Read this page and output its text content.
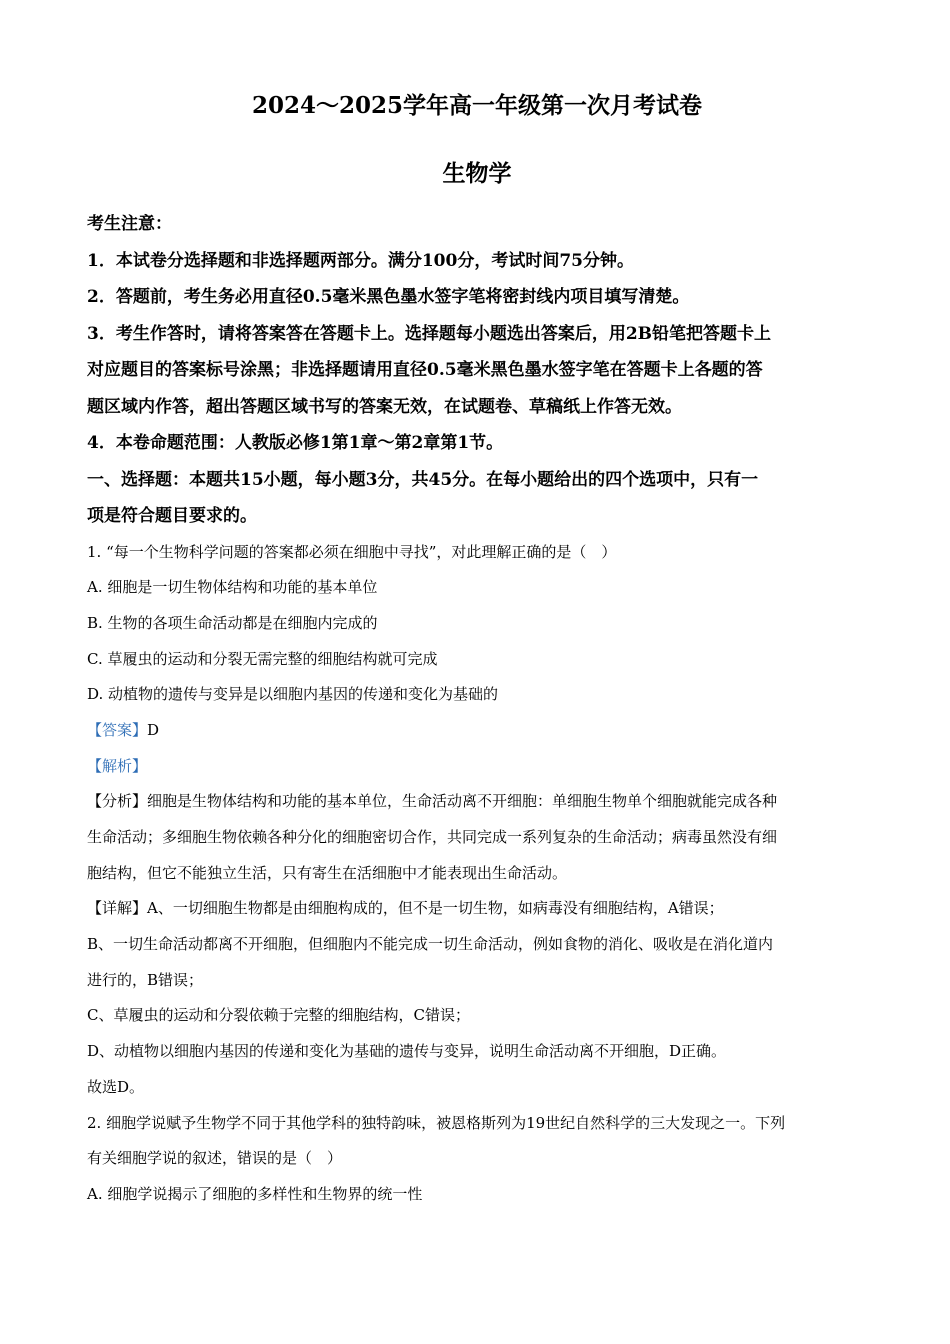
2024～2025学年高一年级第一次月考试卷
生物学
考生注意：
1．本试卷分选择题和非选择题两部分。满分100分，考试时间75分钟。
2．答题前，考生务必用直径0.5毫米黑色墨水签字笔将密封线内项目填写清楚。
3．考生作答时，请将答案答在答题卡上。选择题每小题选出答案后，用2B铅笔把答题卡上
对应题目的答案标号涂黑；非选择题请用直径0.5毫米黑色墨水签字笔在答题卡上各题的答
题区域内作答，超出答题区域书写的答案无效，在试题卷、草稿纸上作答无效。
4．本卷命题范围：人教版必修1第1章～第2章第1节。
一、选择题：本题共15小题，每小题3分，共45分。在每小题给出的四个选项中，只有一
项是符合题目要求的。
1. “每一个生物科学问题的答案都必须在细胞中寻找”，对此理解正确的是（　）
A. 细胞是一切生物体结构和功能的基本单位
B. 生物的各项生命活动都是在细胞内完成的
C. 草履虫的运动和分裂无需完整的细胞结构就可完成
D. 动植物的遗传与变异是以细胞内基因的传递和变化为基础的
【答案】D
【解析】
【分析】细胞是生物体结构和功能的基本单位，生命活动离不开细胞：单细胞生物单个细胞就能完成各种
生命活动；多细胞生物依赖各种分化的细胞密切合作，共同完成一系列复杂的生命活动；病毒虽然没有细
胞结构，但它不能独立生活，只有寄生在活细胞中才能表现出生命活动。
【详解】A、一切细胞生物都是由细胞构成的，但不是一切生物，如病毒没有细胞结构，A错误；
B、一切生命活动都离不开细胞，但细胞内不能完成一切生命活动，例如食物的消化、吸收是在消化道内
进行的，B错误；
C、草履虫的运动和分裂依赖于完整的细胞结构，C错误；
D、动植物以细胞内基因的传递和变化为基础的遗传与变异，说明生命活动离不开细胞，D正确。
故选D。
2. 细胞学说赋予生物学不同于其他学科的独特韵味，被恩格斯列为19世纪自然科学的三大发现之一。下列
有关细胞学说的叙述，错误的是（　）
A. 细胞学说揭示了细胞的多样性和生物界的统一性
